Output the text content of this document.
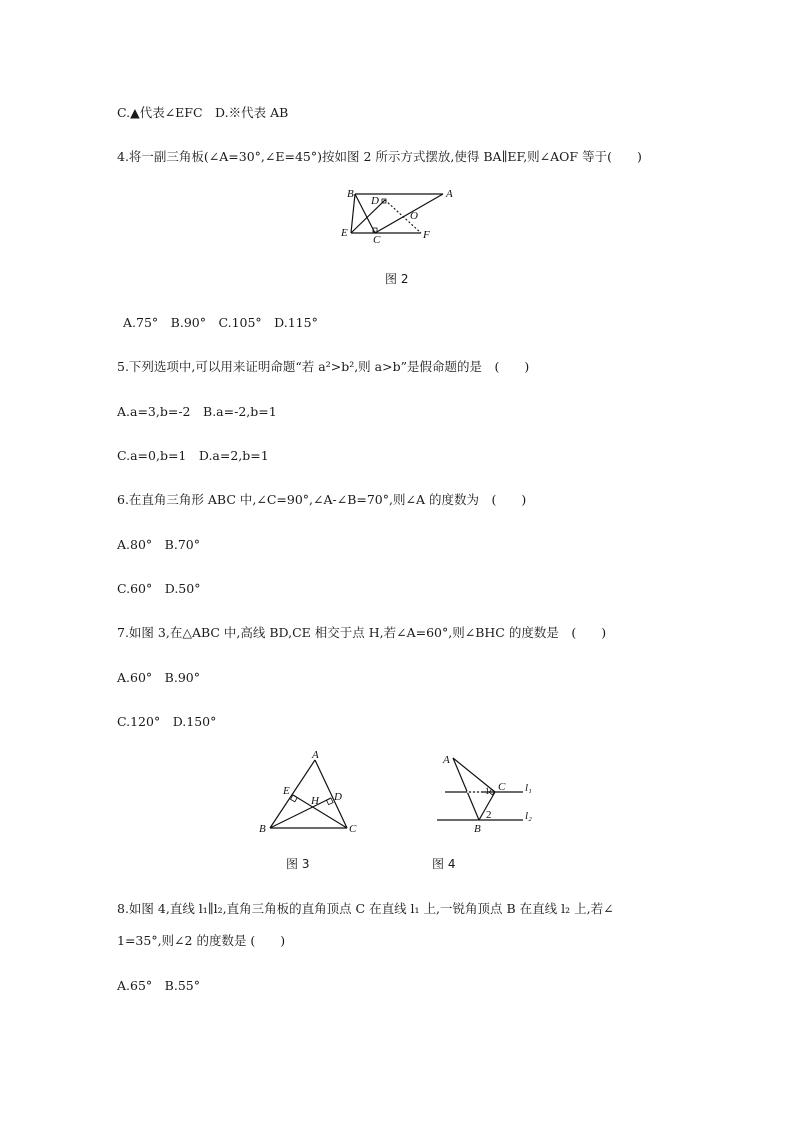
C.▲代表∠EFC　D.※代表 AB
4.将一副三角板(∠A=30°,∠E=45°)按如图 2 所示方式摆放,使得 BA∥EF,则∠AOF 等于(　　)
B	A
D
O
E
C	F
图 2
A.75°　B.90°　C.105°　D.115°
5.下列选项中,可以用来证明命题“若 a²>b²,则 a>b”是假命题的是　(　　)
A.a=3,b=-2　B.a=-2,b=1
C.a=0,b=1　D.a=2,b=1
6.在直角三角形 ABC 中,∠C=90°,∠A-∠B=70°,则∠A 的度数为　(　　)
A.80°　B.70°
C.60°　D.50°
7.如图 3,在△ABC 中,高线 BD,CE 相交于点 H,若∠A=60°,则∠BHC 的度数是　(　　)
A.60°　B.90°
C.120°　D.150°
A
E
H D
B	C
图 3
A
C
1	l₁
2
B
l₂
图 4
8.如图 4,直线 l₁∥l₂,直角三角板的直角顶点 C 在直线 l₁ 上,一锐角顶点 B 在直线 l₂ 上,若∠
1=35°,则∠2 的度数是 (　　)
A.65°　B.55°
